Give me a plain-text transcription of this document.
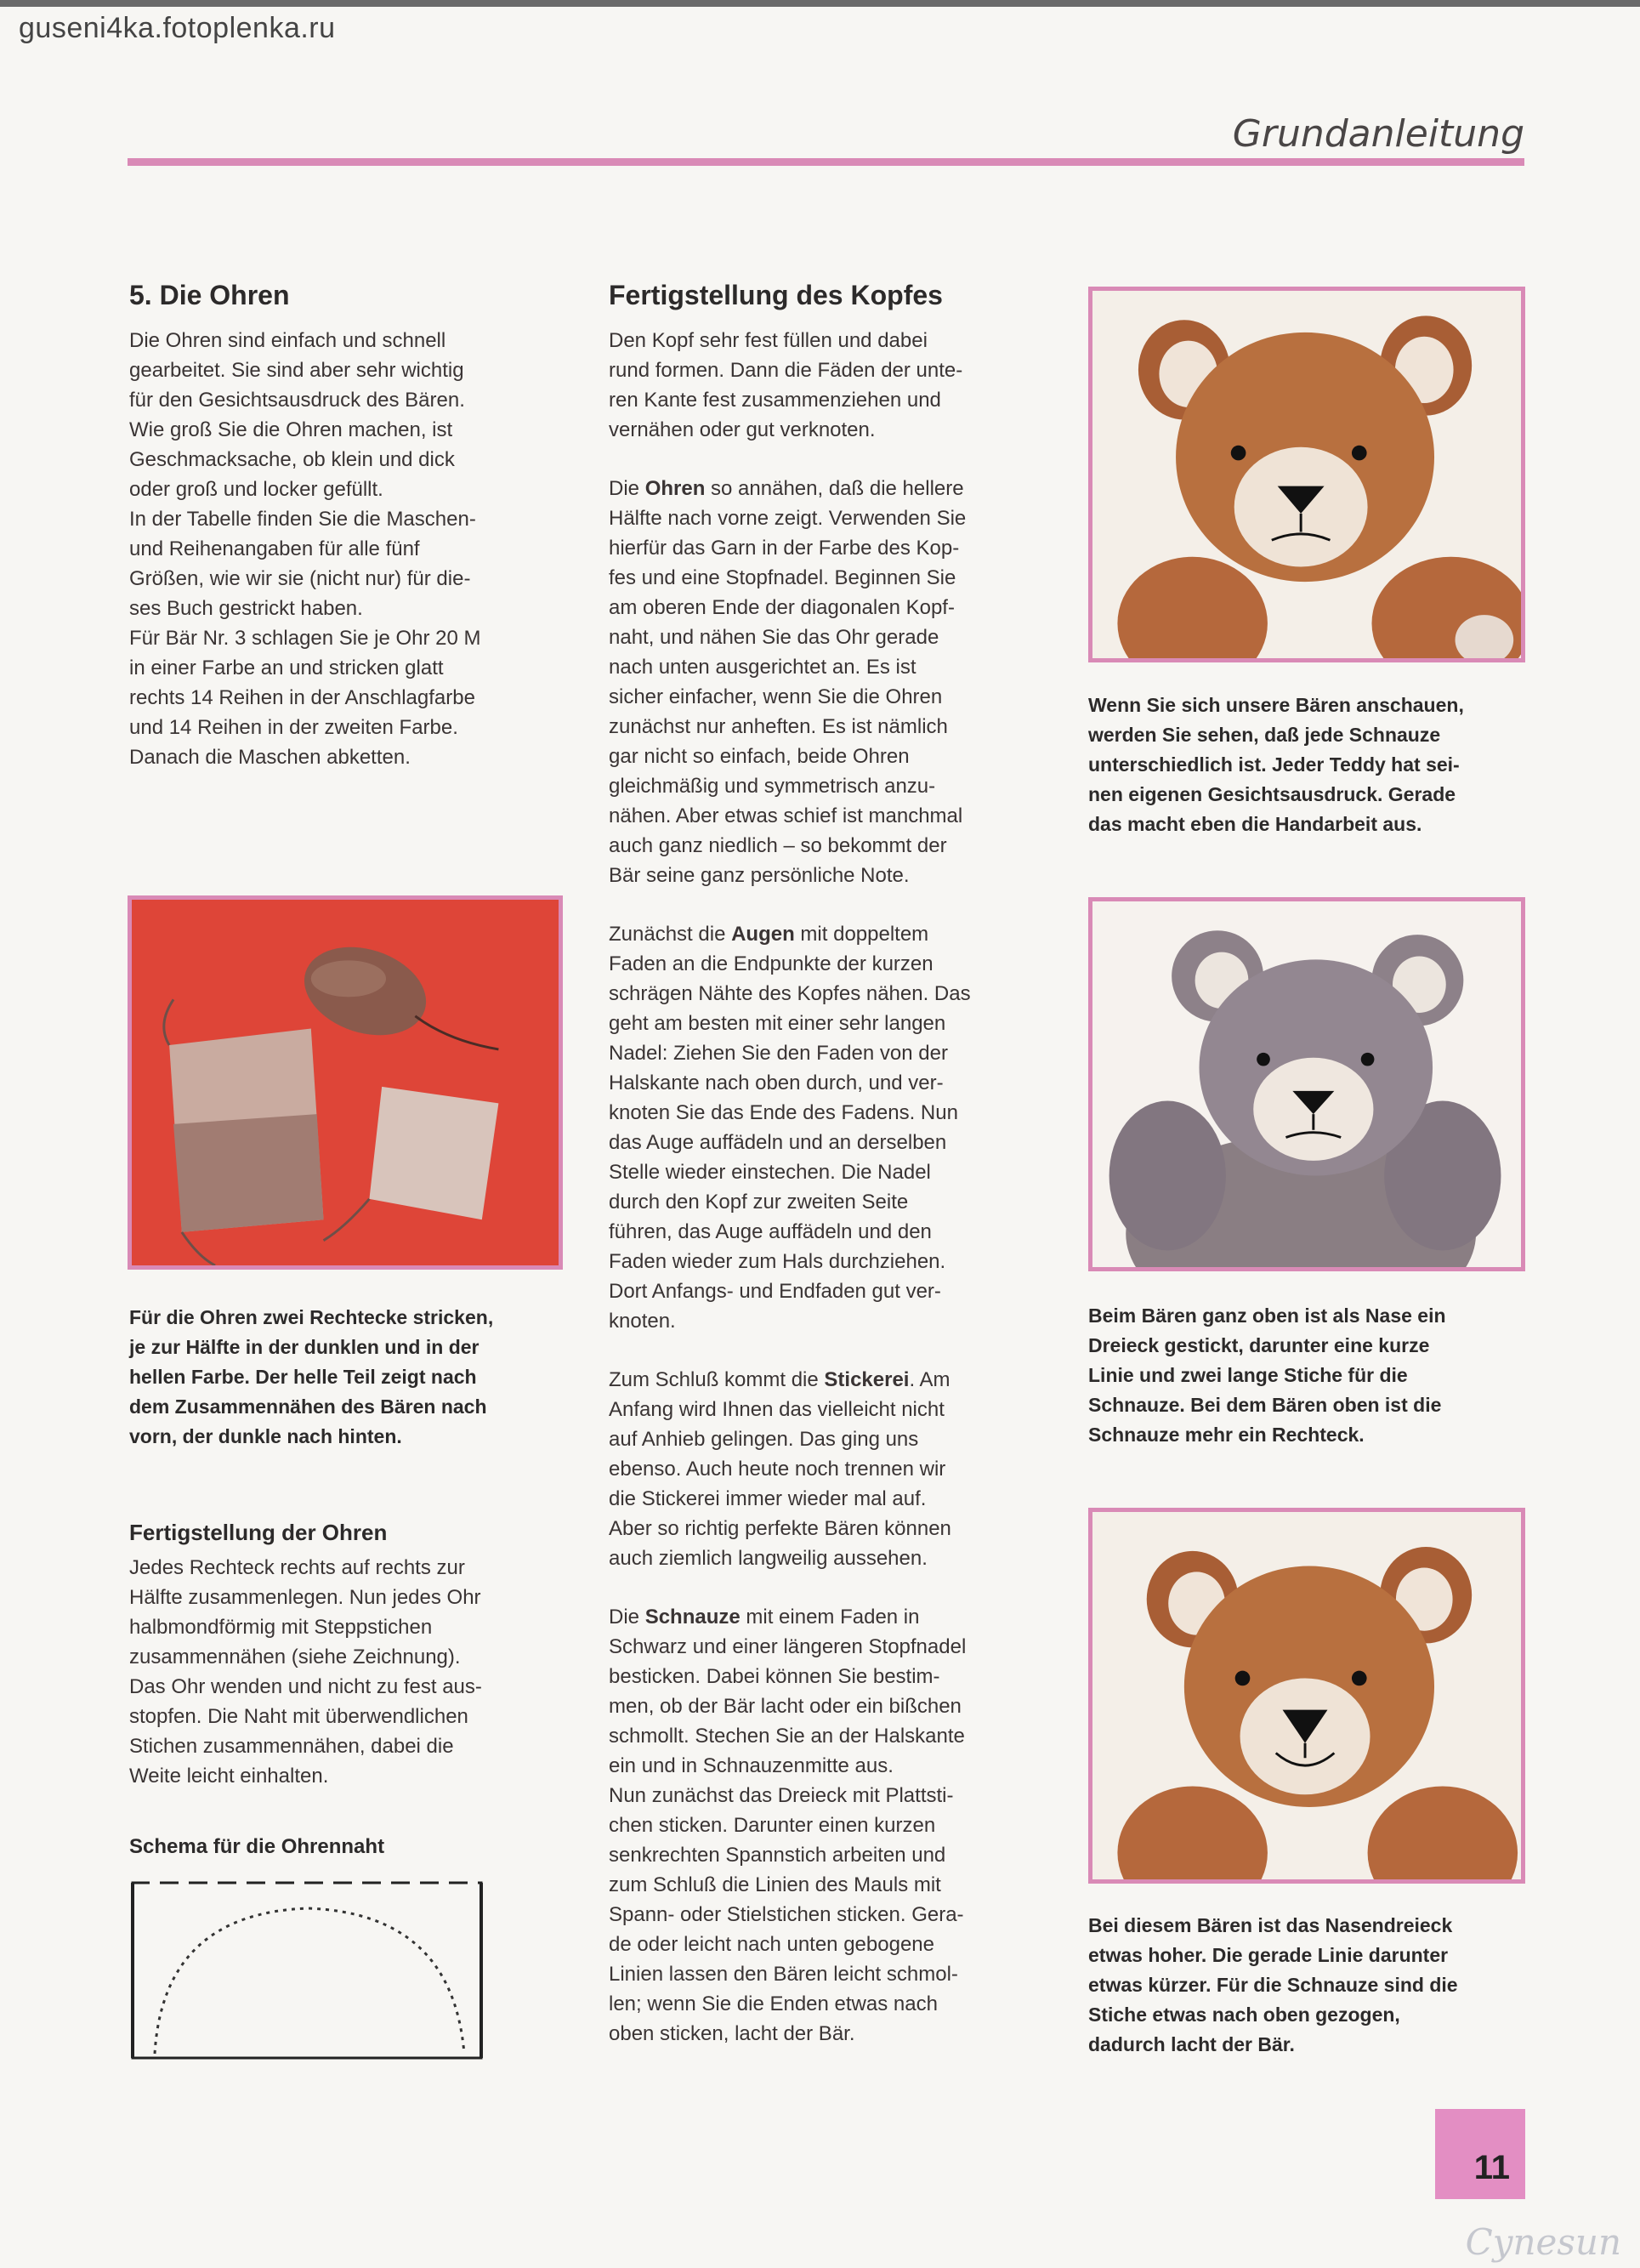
guseni4ka.fotoplenka.ru
Grundanleitung
5. Die Ohren

Die Ohren sind einfach und schnell
gearbeitet. Sie sind aber sehr wichtig
für den Gesichtsausdruck des Bären.
Wie groß Sie die Ohren machen, ist
Geschmacksache, ob klein und dick
oder groß und locker gefüllt.
In der Tabelle finden Sie die Maschen-
und Reihenangaben für alle fünf
Größen, wie wir sie (nicht nur) für die-
ses Buch gestrickt haben.
Für Bär Nr. 3 schlagen Sie je Ohr 20 M
in einer Farbe an und stricken glatt
rechts 14 Reihen in der Anschlagfarbe
und 14 Reihen in der zweiten Farbe.
Danach die Maschen abketten.

Für die Ohren zwei Rechtecke stricken,
je zur Hälfte in der dunklen und in der
hellen Farbe. Der helle Teil zeigt nach
dem Zusammennähen des Bären nach
vorn, der dunkle nach hinten.
Fertigstellung der Ohren

Jedes Rechteck rechts auf rechts zur
Hälfte zusammenlegen. Nun jedes Ohr
halbmondförmig mit Steppstichen
zusammennähen (siehe Zeichnung).
Das Ohr wenden und nicht zu fest aus-
stopfen. Die Naht mit überwendlichen
Stichen zusammennähen, dabei die
Weite leicht einhalten.

Schema für die Ohrennaht
Fertigstellung des Kopfes

Den Kopf sehr fest füllen und dabei
rund formen. Dann die Fäden der unte-
ren Kante fest zusammenziehen und
vernähen oder gut verknoten.

Die Ohren so annähen, daß die hellere
Hälfte nach vorne zeigt. Verwenden Sie
hierfür das Garn in der Farbe des Kop-
fes und eine Stopfnadel. Beginnen Sie
am oberen Ende der diagonalen Kopf-
naht, und nähen Sie das Ohr gerade
nach unten ausgerichtet an. Es ist
sicher einfacher, wenn Sie die Ohren
zunächst nur anheften. Es ist nämlich
gar nicht so einfach, beide Ohren
gleichmäßig und symmetrisch anzu-
nähen. Aber etwas schief ist manchmal
auch ganz niedlich – so bekommt der
Bär seine ganz persönliche Note.

Zunächst die Augen mit doppeltem
Faden an die Endpunkte der kurzen
schrägen Nähte des Kopfes nähen. Das
geht am besten mit einer sehr langen
Nadel: Ziehen Sie den Faden von der
Halskante nach oben durch, und ver-
knoten Sie das Ende des Fadens. Nun
das Auge auffädeln und an derselben
Stelle wieder einstechen. Die Nadel
durch den Kopf zur zweiten Seite
führen, das Auge auffädeln und den
Faden wieder zum Hals durchziehen.
Dort Anfangs- und Endfaden gut ver-
knoten.

Zum Schluß kommt die Stickerei. Am
Anfang wird Ihnen das vielleicht nicht
auf Anhieb gelingen. Das ging uns
ebenso. Auch heute noch trennen wir
die Stickerei immer wieder mal auf.
Aber so richtig perfekte Bären können
auch ziemlich langweilig aussehen.

Die Schnauze mit einem Faden in
Schwarz und einer längeren Stopfnadel
besticken. Dabei können Sie bestim-
men, ob der Bär lacht oder ein bißchen
schmollt. Stechen Sie an der Halskante
ein und in Schnauzenmitte aus.
Nun zunächst das Dreieck mit Plattsti-
chen sticken. Darunter einen kurzen
senkrechten Spannstich arbeiten und
zum Schluß die Linien des Mauls mit
Spann- oder Stielstichen sticken. Gera-
de oder leicht nach unten gebogene
Linien lassen den Bären leicht schmol-
len; wenn Sie die Enden etwas nach
oben sticken, lacht der Bär.

Wenn Sie sich unsere Bären anschauen,
werden Sie sehen, daß jede Schnauze
unterschiedlich ist. Jeder Teddy hat sei-
nen eigenen Gesichtsausdruck. Gerade
das macht eben die Handarbeit aus.
Beim Bären ganz oben ist als Nase ein
Dreieck gestickt, darunter eine kurze
Linie und zwei lange Stiche für die
Schnauze. Bei dem Bären oben ist die
Schnauze mehr ein Rechteck.
Bei diesem Bären ist das Nasendreieck
etwas hoher. Die gerade Linie darunter
etwas kürzer. Für die Schnauze sind die
Stiche etwas nach oben gezogen,
dadurch lacht der Bär.
11
Cynesun
